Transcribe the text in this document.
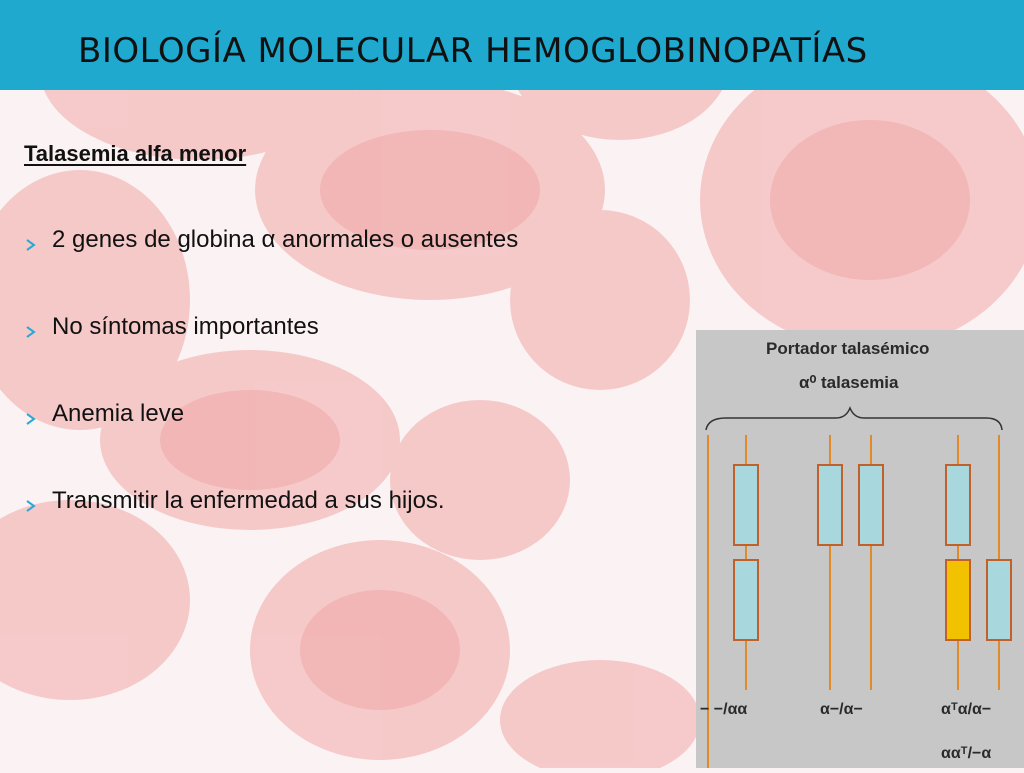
BIOLOGÍA MOLECULAR HEMOGLOBINOPATÍAS
Talasemia alfa menor
2 genes de globina α anormales o ausentes
No síntomas importantes
Anemia leve
Transmitir la enfermedad a sus hijos.
Portador talasémico
α⁰ talasemia
− −/αα	α−/α−	αᵀα/α−
ααᵀ/−α
